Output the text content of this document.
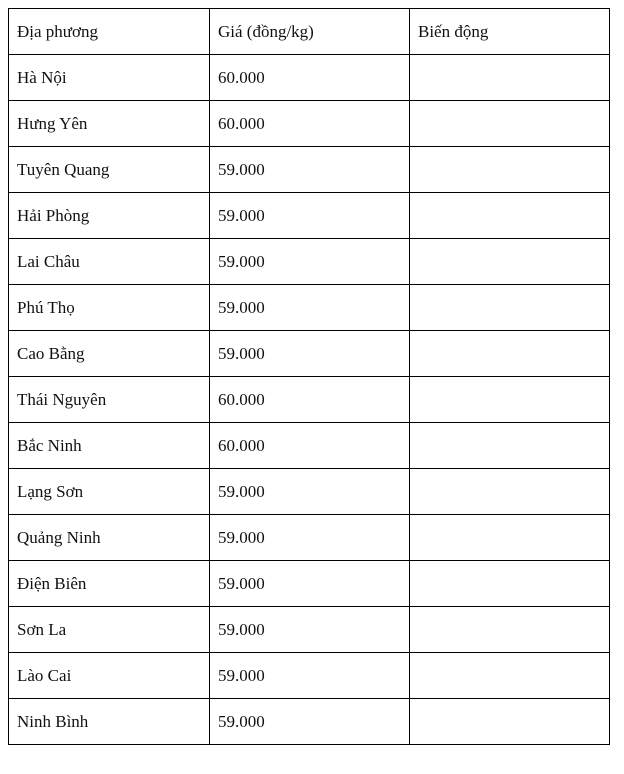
Địa phương	Giá (đồng/kg)	Biến động
Hà Nội	60.000	
Hưng Yên	60.000	
Tuyên Quang	59.000	
Hải Phòng	59.000	
Lai Châu	59.000	
Phú Thọ	59.000	
Cao Bằng	59.000	
Thái Nguyên	60.000	
Bắc Ninh	60.000	
Lạng Sơn	59.000	
Quảng Ninh	59.000	
Điện Biên	59.000	
Sơn La	59.000	
Lào Cai	59.000	
Ninh Bình	59.000	
